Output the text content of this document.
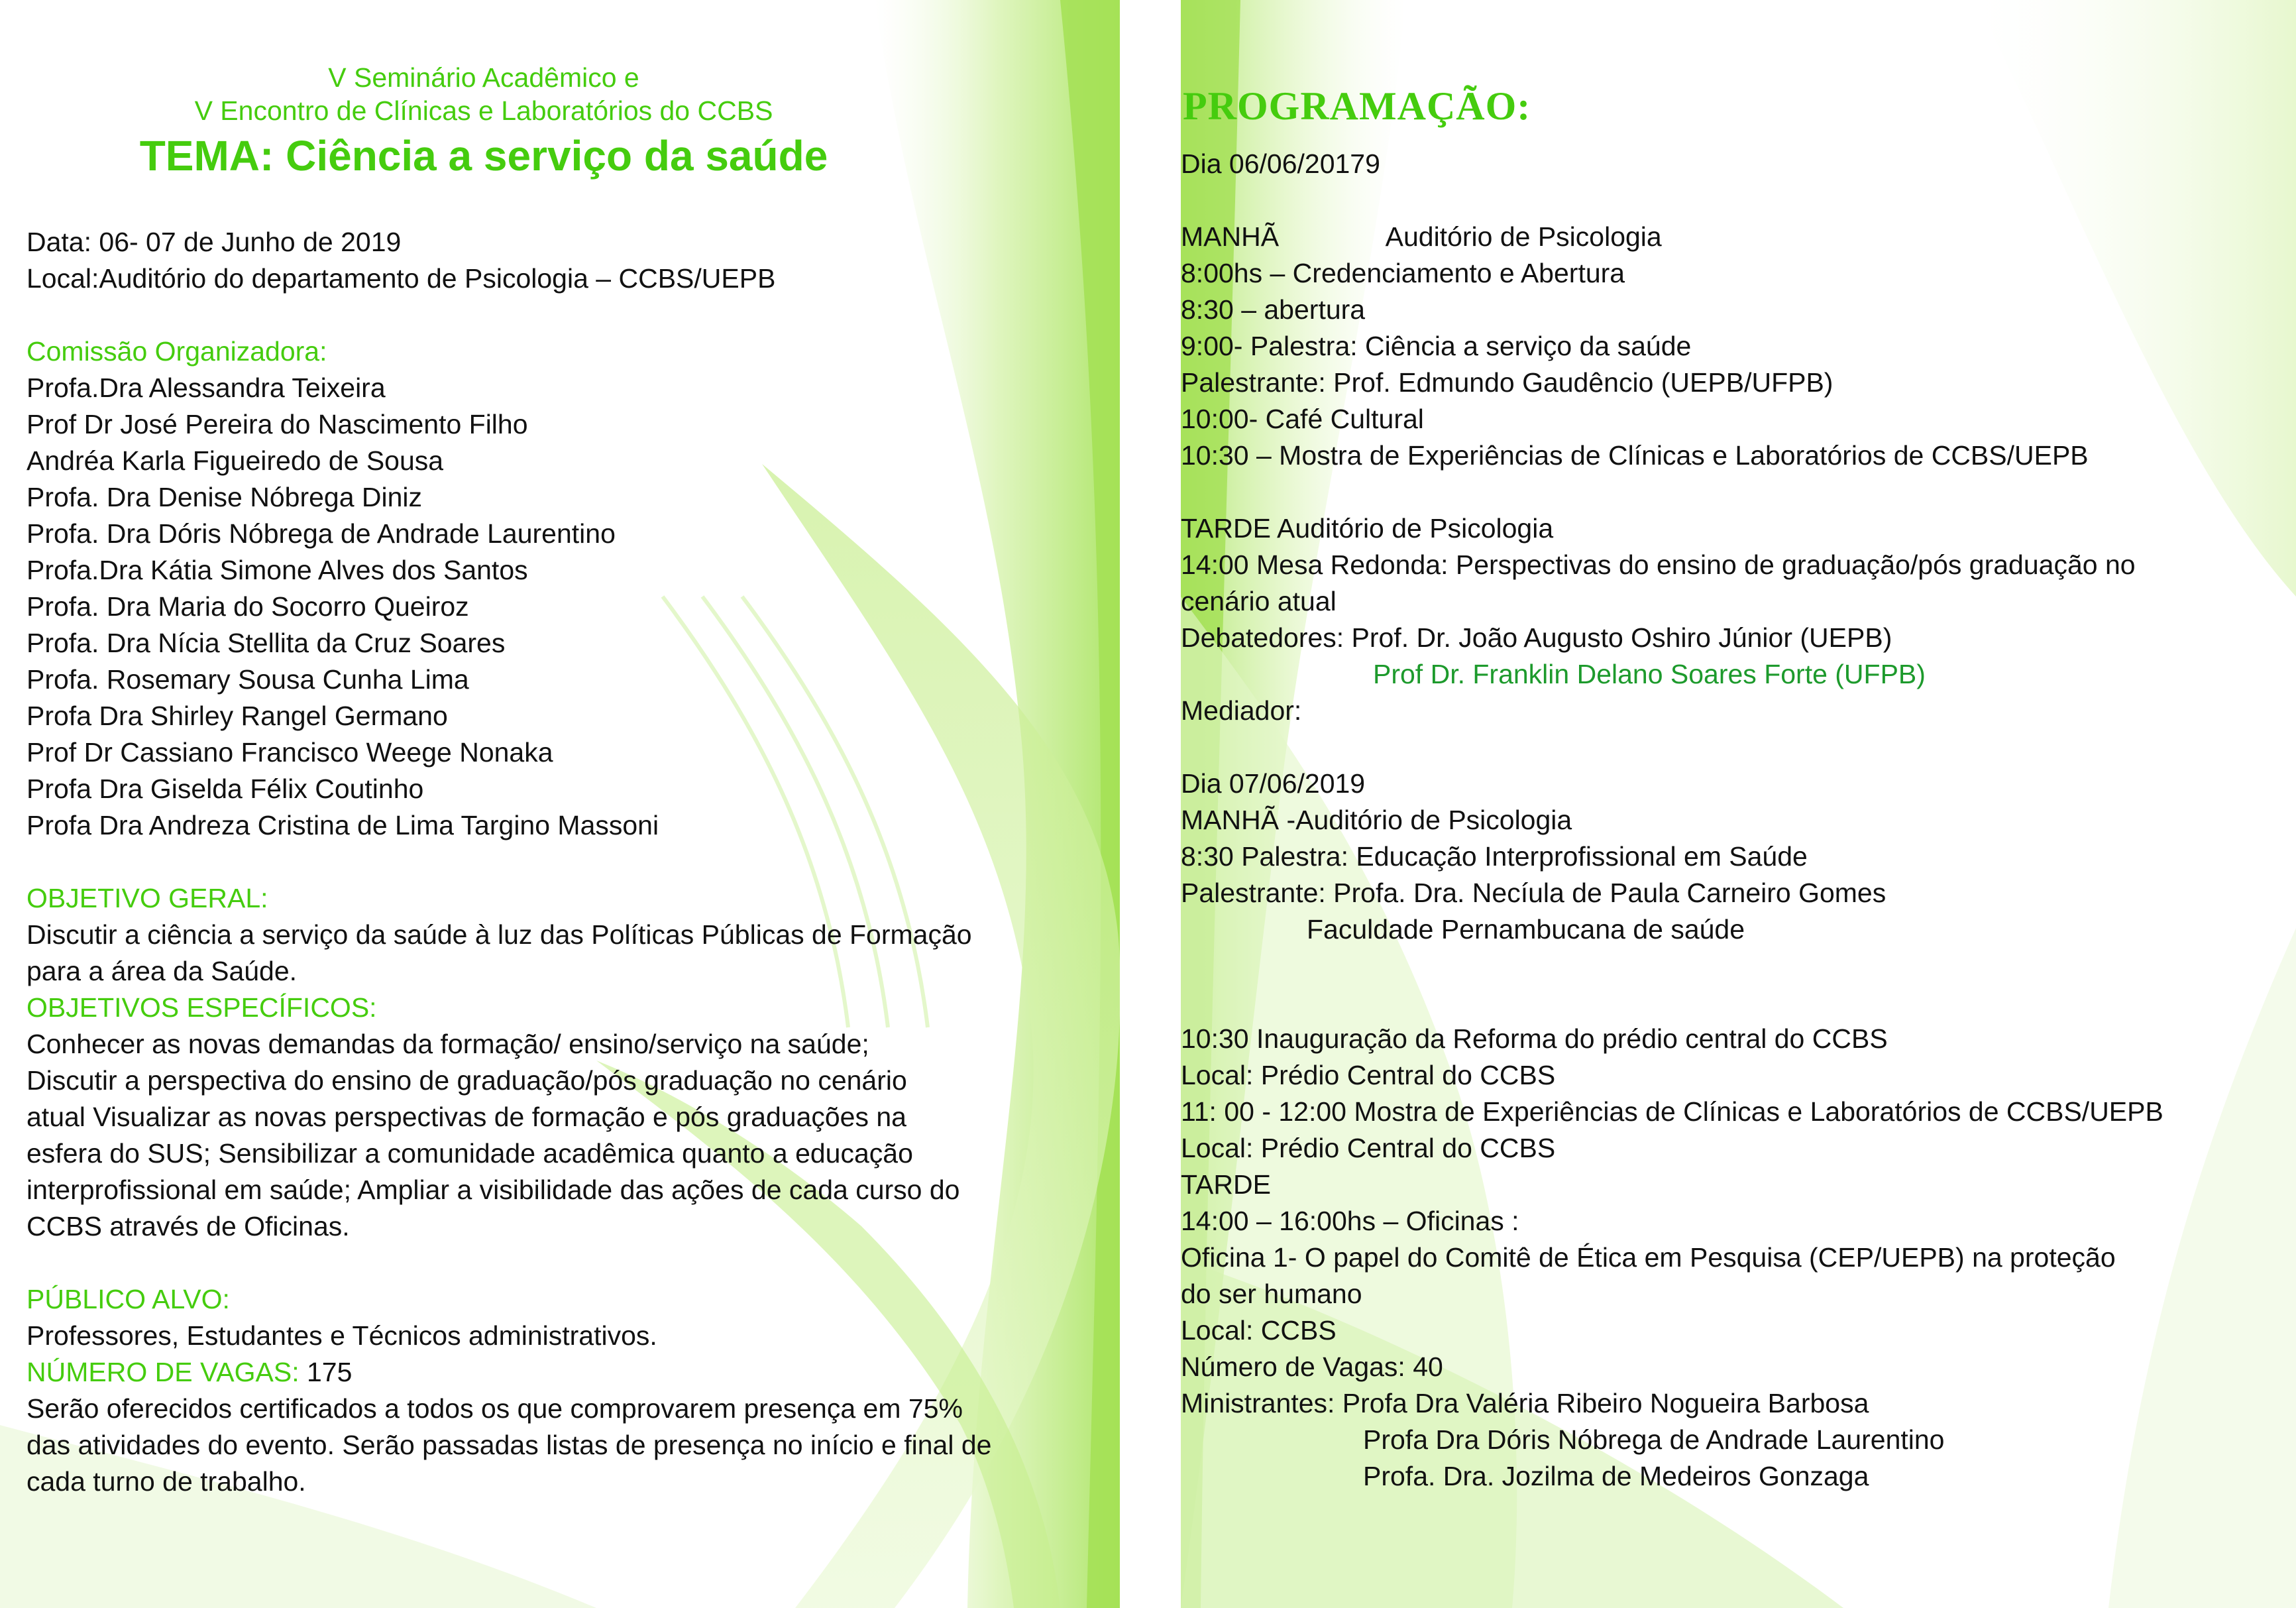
V Seminário Acadêmico e
V Encontro de Clínicas e Laboratórios do CCBS
TEMA: Ciência a serviço da saúde
Data: 06- 07 de Junho de 2019
Local:Auditório do departamento de Psicologia – CCBS/UEPB
Comissão Organizadora:
Profa.Dra Alessandra Teixeira
Prof Dr José Pereira do Nascimento Filho
Andréa Karla Figueiredo de Sousa
Profa. Dra Denise Nóbrega Diniz
Profa. Dra Dóris Nóbrega de Andrade Laurentino
Profa.Dra Kátia Simone Alves dos Santos
Profa. Dra Maria do Socorro Queiroz
Profa. Dra Nícia Stellita da Cruz Soares
Profa. Rosemary Sousa Cunha Lima
Profa Dra Shirley Rangel Germano
Prof Dr Cassiano Francisco Weege Nonaka
Profa Dra Giselda Félix Coutinho
Profa Dra Andreza Cristina de Lima Targino Massoni
OBJETIVO GERAL:
Discutir a ciência a serviço da saúde à luz das Políticas Públicas de Formação
para a área da Saúde.
OBJETIVOS ESPECÍFICOS:
Conhecer as novas demandas da formação/ ensino/serviço na saúde;
Discutir a perspectiva do ensino de graduação/pós graduação no cenário
atual Visualizar as novas perspectivas de formação e pós graduações na
esfera do SUS; Sensibilizar a comunidade acadêmica quanto a educação
interprofissional em saúde; Ampliar a visibilidade das ações de cada curso do
CCBS através de Oficinas.
PÚBLICO ALVO:
Professores, Estudantes e Técnicos administrativos.
NÚMERO DE VAGAS: 175
Serão oferecidos certificados a todos os que comprovarem presença em 75%
das atividades do evento. Serão passadas listas de presença no início e final de
cada turno de trabalho.
PROGRAMAÇÃO:
Dia 06/06/20179
MANHÃ	Auditório de Psicologia
8:00hs – Credenciamento e Abertura
8:30 – abertura
9:00- Palestra: Ciência a serviço da saúde
Palestrante: Prof. Edmundo Gaudêncio (UEPB/UFPB)
10:00- Café Cultural
10:30 – Mostra de Experiências de Clínicas e Laboratórios de CCBS/UEPB
TARDE Auditório de Psicologia
14:00 Mesa Redonda: Perspectivas do ensino de graduação/pós graduação no
cenário atual
Debatedores: Prof. Dr. João Augusto Oshiro Júnior (UEPB)
Prof Dr. Franklin Delano Soares Forte (UFPB)
Mediador:
Dia 07/06/2019
MANHÃ -Auditório de Psicologia
8:30 Palestra: Educação Interprofissional em Saúde
Palestrante: Profa. Dra. Necíula de Paula Carneiro Gomes
Faculdade Pernambucana de saúde
10:30 Inauguração da Reforma do prédio central do CCBS
Local: Prédio Central do CCBS
11: 00 - 12:00 Mostra de Experiências de Clínicas e Laboratórios de CCBS/UEPB
Local: Prédio Central do CCBS
TARDE
14:00 – 16:00hs – Oficinas :
Oficina 1- O papel do Comitê de Ética em Pesquisa (CEP/UEPB) na proteção
do ser humano
Local: CCBS
Número de Vagas: 40
Ministrantes: Profa Dra Valéria Ribeiro Nogueira Barbosa
Profa Dra Dóris Nóbrega de Andrade Laurentino
Profa. Dra. Jozilma de Medeiros Gonzaga
